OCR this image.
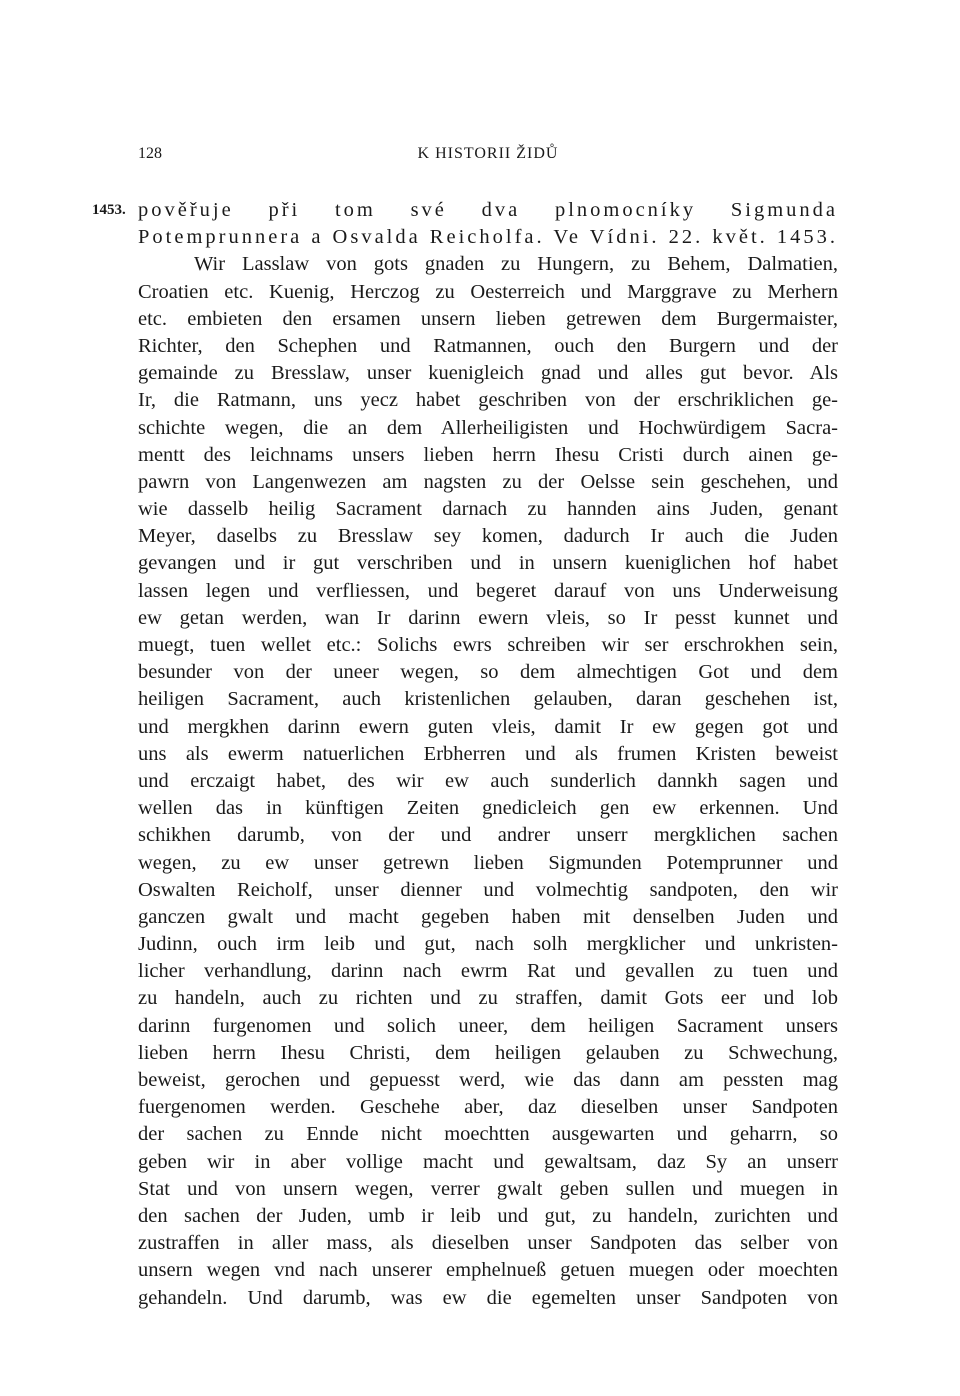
128	K HISTORII ŽIDŮ
1453. pověřuje při tom své dva plnomocníky Sigmunda
Potemprunnera a Osvalda Reicholfa. Ve Vídni. 22. květ. 1453.
Wir Lasslaw von gots gnaden zu Hungern, zu Behem, Dalmatien,
Croatien etc. Kuenig, Herczog zu Oesterreich und Marggrave zu Merhern
etc. embieten den ersamen unsern lieben getrewen dem Burgermaister,
Richter, den Schephen und Ratmannen, ouch den Burgern und der
gemainde zu Bresslaw, unser kuenigleich gnad und alles gut bevor. Als
Ir, die Ratmann, uns yecz habet geschriben von der erschriklichen ge-
schichte wegen, die an dem Allerheiligisten und Hochwürdigem Sacra-
mentt des leichnams unsers lieben herrn Ihesu Cristi durch ainen ge-
pawrn von Langenwezen am nagsten zu der Oelsse sein geschehen, und
wie dasselb heilig Sacrament darnach zu hannden ains Juden, genant
Meyer, daselbs zu Bresslaw sey komen, dadurch Ir auch die Juden
gevangen und ir gut verschriben und in unsern kueniglichen hof habet
lassen legen und verfliessen, und begeret darauf von uns Underweisung
ew getan werden, wan Ir darinn ewern vleis, so Ir pesst kunnet und
muegt, tuen wellet etc.: Solichs ewrs schreiben wir ser erschrokhen sein,
besunder von der uneer wegen, so dem almechtigen Got und dem
heiligen Sacrament, auch kristenlichen gelauben, daran geschehen ist,
und mergkhen darinn ewern guten vleis, damit Ir ew gegen got und
uns als ewerm natuerlichen Erbherren und als frumen Kristen beweist
und erczaigt habet, des wir ew auch sunderlich dannkh sagen und
wellen das in künftigen Zeiten gnedicleich gen ew erkennen. Und
schikhen darumb, von der und andrer unserr mergklichen sachen
wegen, zu ew unser getrewn lieben Sigmunden Potemprunner und
Oswalten Reicholf, unser dienner und volmechtig sandpoten, den wir
ganczen gwalt und macht gegeben haben mit denselben Juden und
Judinn, ouch irm leib und gut, nach solh mergklicher und unkristen-
licher verhandlung, darinn nach ewrm Rat und gevallen zu tuen und
zu handeln, auch zu richten und zu straffen, damit Gots eer und lob
darinn furgenomen und solich uneer, dem heiligen Sacrament unsers
lieben herrn Ihesu Christi, dem heiligen gelauben zu Schwechung,
beweist, gerochen und gepuesst werd, wie das dann am pessten mag
fuergenomen werden. Geschehe aber, daz dieselben unser Sandpoten
der sachen zu Ennde nicht moechtten ausgewarten und geharrn, so
geben wir in aber vollige macht und gewaltsam, daz Sy an unserr
Stat und von unsern wegen, verrer gwalt geben sullen und muegen in
den sachen der Juden, umb ir leib und gut, zu handeln, zurichten und
zustraffen in aller mass, als dieselben unser Sandpoten das selber von
unsern wegen vnd nach unserer emphelnueß getuen muegen oder moechten
gehandeln. Und darumb, was ew die egemelten unser Sandpoten von
